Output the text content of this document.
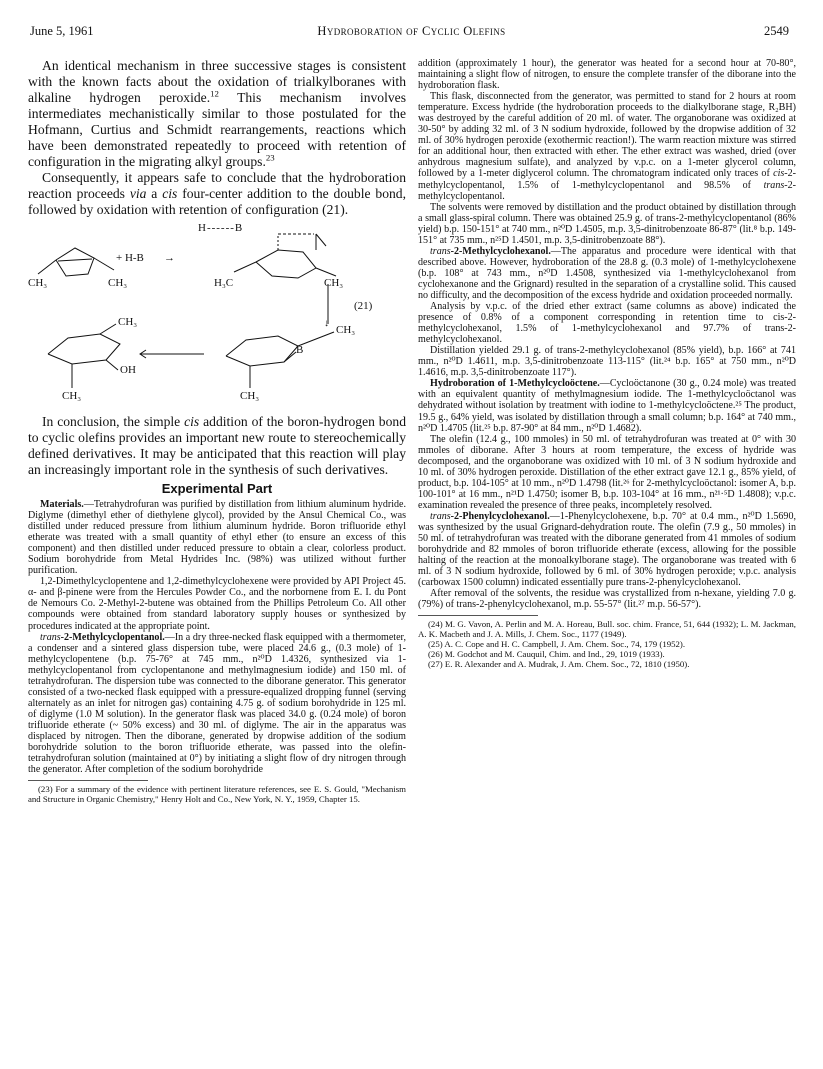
June 5, 1961	Hydroboration of Cyclic Olefins	2549

An identical mechanism in three successive stages is consistent with the known facts about the oxidation of trialkylboranes with alkaline hydrogen peroxide.$^{12}$ This mechanism involves intermediates mechanistically similar to those postulated for the Hofmann, Curtius and Schmidt rearrangements, reactions which have been demonstrated repeatedly to proceed with retention of configuration in the migrating alkyl groups.$^{23}$

Consequently, it appears safe to conclude that the hydroboration reaction proceeds via a cis four-center addition to the double bond, followed by oxidation with retention of configuration (21).

H------B
+ H-B →
CH₃	CH₃	H₃C	CH₃
(21)
↓
CH₃
OH
CH₃
CH₃
B
CH₃

In conclusion, the simple cis addition of the boron-hydrogen bond to cyclic olefins provides an important new route to stereochemically defined derivatives. It may be anticipated that this reaction will play an increasingly important role in the synthesis of such derivatives.

Experimental Part

Materials.—Tetrahydrofuran was purified by distillation from lithium aluminum hydride. Diglyme (dimethyl ether of diethylene glycol), provided by the Ansul Chemical Co., was distilled under reduced pressure from lithium aluminum hydride. Boron trifluoride ethyl etherate was treated with a small quantity of ethyl ether (to ensure an excess of this component) and then distilled under reduced pressure to obtain a clear, colorless product. Sodium borohydride from Metal Hydrides Inc. (98%) was utilized without further purification.

1,2-Dimethylcyclopentene and 1,2-dimethylcyclohexene were provided by API Project 45. α- and β-pinene were from the Hercules Powder Co., and the norbornene from E. I. du Pont de Nemours Co. 2-Methyl-2-butene was obtained from the Phillips Petroleum Co. All other compounds were obtained from standard laboratory supply houses or synthesized by procedures indicated at the appropriate point.

trans-2-Methylcyclopentanol.—In a dry three-necked flask equipped with a thermometer, a condenser and a sintered glass dispersion tube, were placed 24.6 g., (0.3 mole) of 1-methylcyclopentene (b.p. 75-76° at 745 mm., n²⁰D 1.4326, synthesized via 1-methylcyclopentanol from cyclopentanone and methylmagnesium iodide) and 150 ml. of tetrahydrofuran. The dispersion tube was connected to the diborane generator. This generator consisted of a two-necked flask equipped with a pressure-equalized dropping funnel (serving alternately as an inlet for nitrogen gas) containing 4.75 g. of sodium borohydride in 125 ml. of diglyme (1.0 M solution). In the generator flask was placed 34.0 g. (0.24 mole) of boron trifluoride etherate (~ 50% excess) and 30 ml. of diglyme. The air in the apparatus was displaced by nitrogen. Then the diborane, generated by dropwise addition of the sodium borohydride solution to the boron trifluoride etherate, was passed into the olefin-tetrahydrofuran solution (maintained at 0°) by initiating a slight flow of dry nitrogen through the generator. After completion of the sodium borohydride

(23) For a summary of the evidence with pertinent literature references, see E. S. Gould, "Mechanism and Structure in Organic Chemistry," Henry Holt and Co., New York, N. Y., 1959, Chapter 15.

addition (approximately 1 hour), the generator was heated for a second hour at 70-80°, maintaining a slight flow of nitrogen, to ensure the complete transfer of the diborane into the hydroboration flask.

This flask, disconnected from the generator, was permitted to stand for 2 hours at room temperature. Excess hydride (the hydroboration proceeds to the dialkylborane stage, R₂BH) was destroyed by the careful addition of 20 ml. of water. The organoborane was oxidized at 30-50° by adding 32 ml. of 3 N sodium hydroxide, followed by the dropwise addition of 32 ml. of 30% hydrogen peroxide (exothermic reaction!). The warm reaction mixture was stirred for an additional hour, then extracted with ether. The ether extract was washed, dried (over anhydrous magnesium sulfate), and analyzed by v.p.c. on a 1-meter glycerol column, followed by a 1-meter diglycerol column. The chromatogram indicated only traces of cis-2-methylcyclopentanol, 1.5% of 1-methylcyclopentanol and 98.5% of trans-2-methylcyclopentanol.

The solvents were removed by distillation and the product obtained by distillation through a small glass-spiral column. There was obtained 25.9 g. of trans-2-methylcyclopentanol (86% yield) b.p. 150-151° at 740 mm., n²⁰D 1.4505, m.p. 3,5-dinitrobenzoate 86-87° (lit.⁸ b.p. 149-151° at 735 mm., n²⁵D 1.4501, m.p. 3,5-dinitrobenzoate 88°).

trans-2-Methylcyclohexanol.—The apparatus and procedure were identical with that described above. However, hydroboration of the 28.8 g. (0.3 mole) of 1-methylcyclohexene (b.p. 108° at 743 mm., n²⁰D 1.4508, synthesized via 1-methylcyclohexanol from cyclohexanone and the Grignard) resulted in the separation of a crystalline solid. This caused no difficulty, and the decomposition of the excess hydride and oxidation proceeded normally.

Analysis by v.p.c. of the dried ether extract (same columns as above) indicated the presence of 0.8% of a component corresponding in retention time to cis-2-methylcyclohexanol, 1.5% of 1-methylcyclohexanol and 97.7% of trans-2-methylcyclohexanol.

Distillation yielded 29.1 g. of trans-2-methylcyclohexanol (85% yield), b.p. 166° at 741 mm., n²⁰D 1.4611, m.p. 3,5-dinitrobenzoate 113-115° (lit.²⁴ b.p. 165° at 750 mm., n²⁰D 1.4616, m.p. 3,5-dinitrobenzoate 117°).

Hydroboration of 1-Methylcycloöctene.—Cycloöctanone (30 g., 0.24 mole) was treated with an equivalent quantity of methylmagnesium iodide. The 1-methylcycloöctanol was dehydrated without isolation by treatment with iodine to 1-methylcycloöctene.²⁵ The product, 19.5 g., 64% yield, was isolated by distillation through a small column; b.p. 164° at 740 mm., n²⁰D 1.4705 (lit.²⁵ b.p. 87-90° at 84 mm., n²⁰D 1.4682).

The olefin (12.4 g., 100 mmoles) in 50 ml. of tetrahydrofuran was treated at 0° with 30 mmoles of diborane. After 3 hours at room temperature, the excess of hydride was decomposed, and the organoborane was oxidized with 10 ml. of 3 N sodium hydroxide and 10 ml. of 30% hydrogen peroxide. Distillation of the ether extract gave 12.1 g., 85% yield, of product, b.p. 104-105° at 10 mm., n²⁰D 1.4798 (lit.²⁶ for 2-methylcycloöctanol: isomer A, b.p. 100-101° at 16 mm., n²¹D 1.4750; isomer B, b.p. 103-104° at 16 mm., n²¹·⁵D 1.4808); v.p.c. examination revealed the presence of three peaks, incompletely resolved.

trans-2-Phenylcyclohexanol.—1-Phenylcyclohexene, b.p. 70° at 0.4 mm., n²⁰D 1.5690, was synthesized by the usual Grignard-dehydration route. The olefin (7.9 g., 50 mmoles) in 50 ml. of tetrahydrofuran was treated with the diborane generated from 41 mmoles of sodium borohydride and 82 mmoles of boron trifluoride etherate (excess, allowing for the possible halting of the reaction at the monoalkylborane stage). The organoborane was treated with 6 ml. of 3 N sodium hydroxide, followed by 6 ml. of 30% hydrogen peroxide; v.p.c. analysis (carbowax 1500 column) indicated essentially pure trans-2-phenylcyclohexanol.

After removal of the solvents, the residue was crystallized from n-hexane, yielding 7.0 g. (79%) of trans-2-phenylcyclohexanol, m.p. 55-57° (lit.²⁷ m.p. 56-57°).

(24) M. G. Vavon, A. Perlin and M. A. Horeau, Bull. soc. chim. France, 51, 644 (1932); L. M. Jackman, A. K. Macbeth and J. A. Mills, J. Chem. Soc., 1177 (1949).

(25) A. C. Cope and H. C. Campbell, J. Am. Chem. Soc., 74, 179 (1952).

(26) M. Godchot and M. Cauquil, Chim. and Ind., 29, 1019 (1933).

(27) E. R. Alexander and A. Mudrak, J. Am. Chem. Soc., 72, 1810 (1950).
